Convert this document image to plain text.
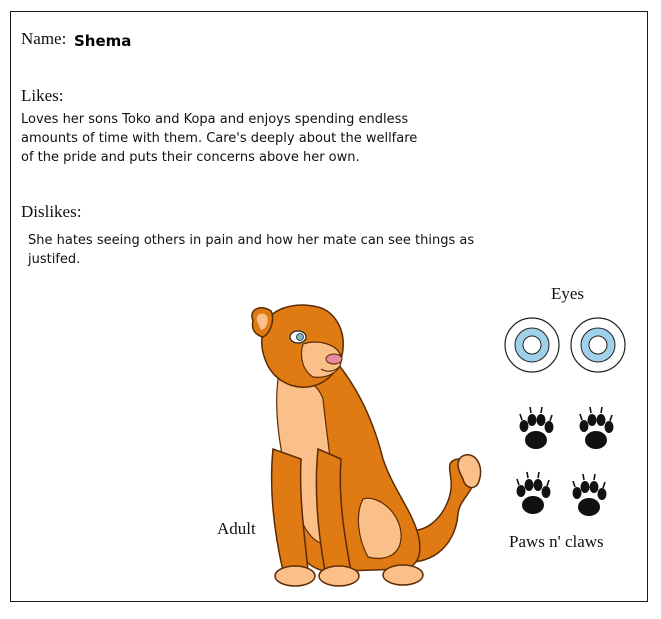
Name: Shema
Likes:
Loves her sons Toko and Kopa and enjoys spending endless
amounts of time with them. Care's deeply about the wellfare
of the pride and puts their concerns above her own.
Dislikes:
She hates seeing others in pain and how her mate can see things as
justifed.
Adult
Eyes
Paws n' claws
